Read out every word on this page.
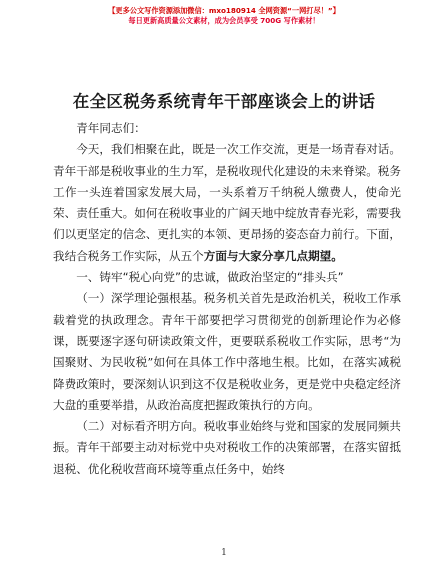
【更多公文写作资源添加微信：mxo180914 全网资源“一网打尽！”】
每日更新高质量公文素材，成为会员享受 700G 写作素材！
在全区税务系统青年干部座谈会上的讲话

青年同志们：

今天，我们相聚在此，既是一次工作交流，更是一场青春对话。青年干部是税收事业的生力军，是税收现代化建设的未来脊梁。税务工作一头连着国家发展大局，一头系着万千纳税人缴费人，使命光荣、责任重大。如何在税收事业的广阔天地中绽放青春光彩，需要我们以更坚定的信念、更扎实的本领、更昂扬的姿态奋力前行。下面，我结合税务工作实际，从五个方面与大家分享几点期望。

一、铸牢“税心向党”的忠诚，做政治坚定的“排头兵”

（一）深学理论强根基。税务机关首先是政治机关，税收工作承载着党的执政理念。青年干部要把学习贯彻党的创新理论作为必修课，既要逐字逐句研读政策文件，更要联系税收工作实际，思考“为国聚财、为民收税”如何在具体工作中落地生根。比如，在落实减税降费政策时，要深刻认识到这不仅是税收业务，更是党中央稳定经济大盘的重要举措，从政治高度把握政策执行的方向。

（二）对标看齐明方向。税收事业始终与党和国家的发展同频共振。青年干部要主动对标党中央对税收工作的决策部署，在落实留抵退税、优化税收营商环境等重点任务中，始终

1
